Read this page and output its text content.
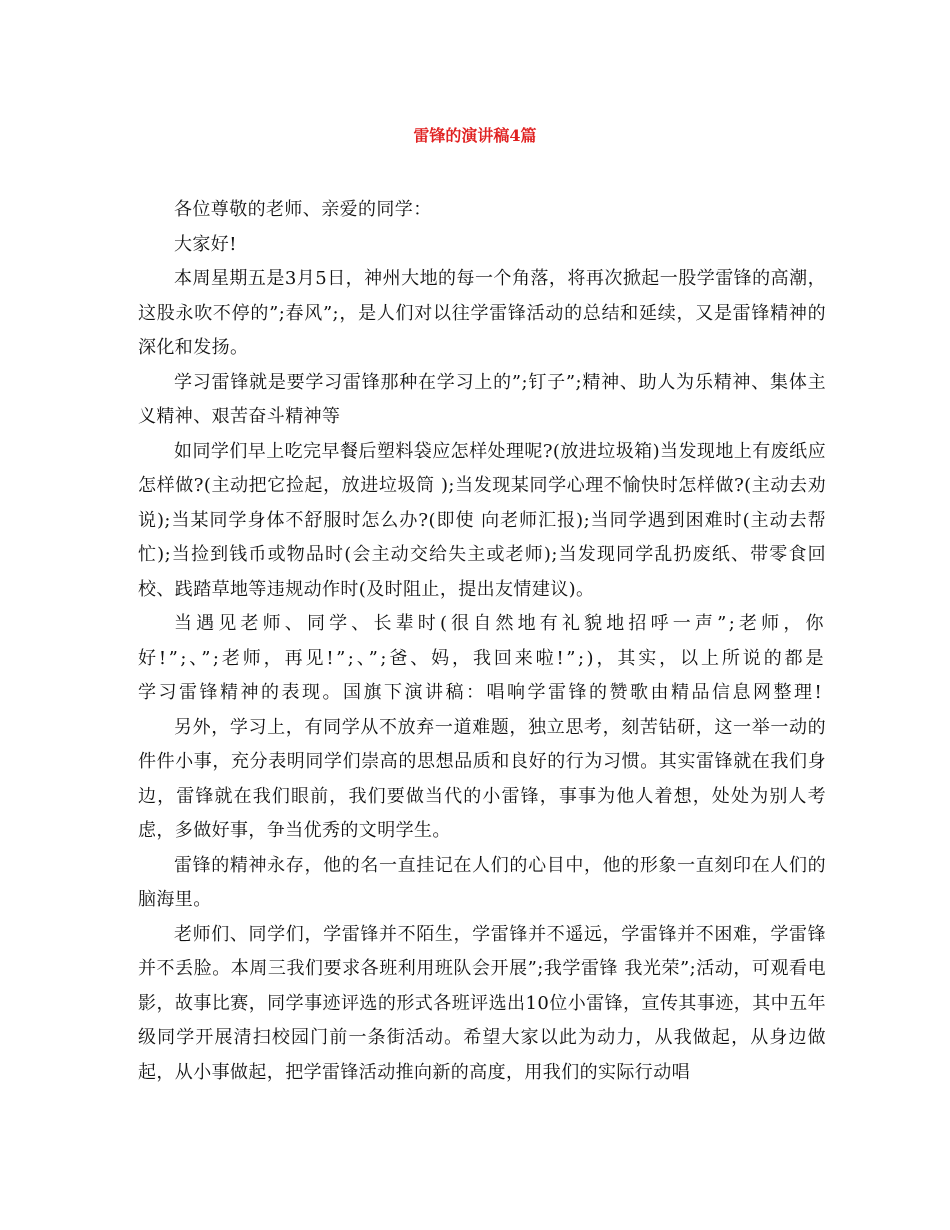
雷锋的演讲稿4篇

各位尊敬的老师、亲爱的同学：

大家好!

本周星期五是3月5日，神州大地的每一个角落，将再次掀起一股学雷锋的高潮，这股永吹不停的”;春风”;，是人们对以往学雷锋活动的总结和延续，又是雷锋精神的深化和发扬。

学习雷锋就是要学习雷锋那种在学习上的”;钉子”;精神、助人为乐精神、集体主义精神、艰苦奋斗精神等

如同学们早上吃完早餐后塑料袋应怎样处理呢?(放进垃圾箱)当发现地上有废纸应怎样做?(主动把它捡起，放进垃圾筒 );当发现某同学心理不愉快时怎样做?(主动去劝说);当某同学身体不舒服时怎么办?(即使 向老师汇报);当同学遇到困难时(主动去帮忙);当捡到钱币或物品时(会主动交给失主或老师);当发现同学乱扔废纸、带零食回校、践踏草地等违规动作时(及时阻止，提出友情建议)。

当遇见老师、同学、长辈时(很自然地有礼貌地招呼一声”;老师，你好!”;、”;老师，再见!”;、”;爸、妈，我回来啦!”;)，其实，以上所说的都是学习雷锋精神的表现。国旗下演讲稿：唱响学雷锋的赞歌由精品信息网整理!

另外，学习上，有同学从不放弃一道难题，独立思考，刻苦钻研，这一举一动的件件小事，充分表明同学们崇高的思想品质和良好的行为习惯。其实雷锋就在我们身边，雷锋就在我们眼前，我们要做当代的小雷锋，事事为他人着想，处处为别人考虑，多做好事，争当优秀的文明学生。

雷锋的精神永存，他的名一直挂记在人们的心目中，他的形象一直刻印在人们的脑海里。

老师们、同学们，学雷锋并不陌生，学雷锋并不遥远，学雷锋并不困难，学雷锋并不丢脸。本周三我们要求各班利用班队会开展”;我学雷锋 我光荣”;活动，可观看电影，故事比赛，同学事迹评选的形式各班评选出10位小雷锋，宣传其事迹，其中五年级同学开展清扫校园门前一条街活动。希望大家以此为动力，从我做起，从身边做起，从小事做起，把学雷锋活动推向新的高度，用我们的实际行动唱
